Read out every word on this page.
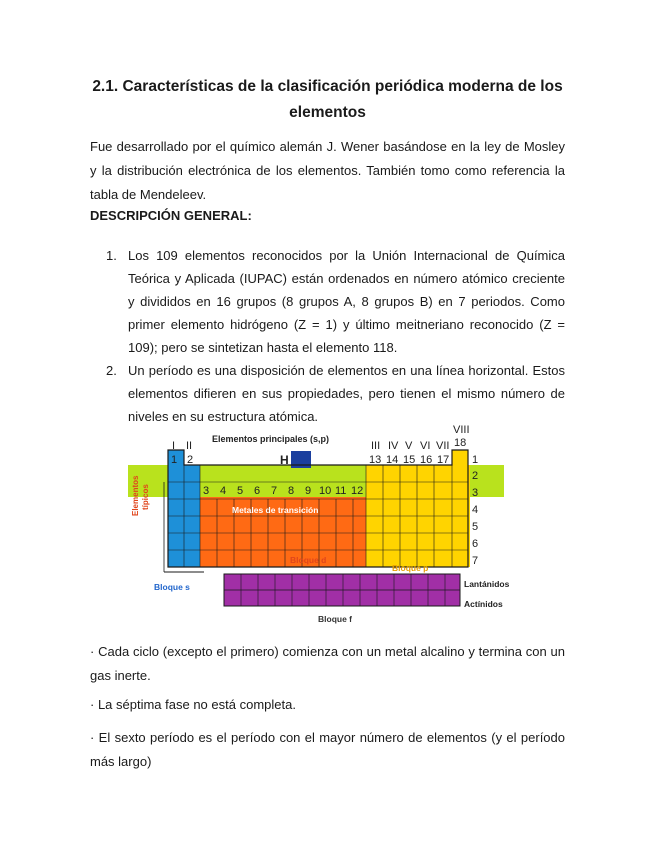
2.1. Características de la clasificación periódica moderna de los elementos
Fue desarrollado por el químico alemán J. Wener basándose en la ley de Mosley y la distribución electrónica de los elementos. También tomo como referencia la tabla de Mendeleev.
DESCRIPCIÓN GENERAL:
1. Los 109 elementos reconocidos por la Unión Internacional de Química Teórica y Aplicada (IUPAC) están ordenados en número atómico creciente y divididos en 16 grupos (8 grupos A, 8 grupos B) en 7 periodos. Como primer elemento hidrógeno (Z = 1) y último meitneriano reconocido (Z = 109); pero se sintetizan hasta el elemento 118.
2. Un período es una disposición de elementos en una línea horizontal. Estos elementos difieren en sus propiedades, pero tienen el mismo número de niveles en su estructura atómica.
H
I II
1 2
Elementos principales (s,p)
III IV V VI VII
VIII
13 14 15 16 17
18
3 4 5 6 7 8 9 10 11 12
1
2
3
4
5
6
7
Elementos típicos	Metales de transición
Bloque d
Bloque p
Bloque s
Bloque f
Lantánidos
Actínidos
· Cada ciclo (excepto el primero) comienza con un metal alcalino y termina con un gas inerte.
· La séptima fase no está completa.
· El sexto período es el período con el mayor número de elementos (y el período más largo)
